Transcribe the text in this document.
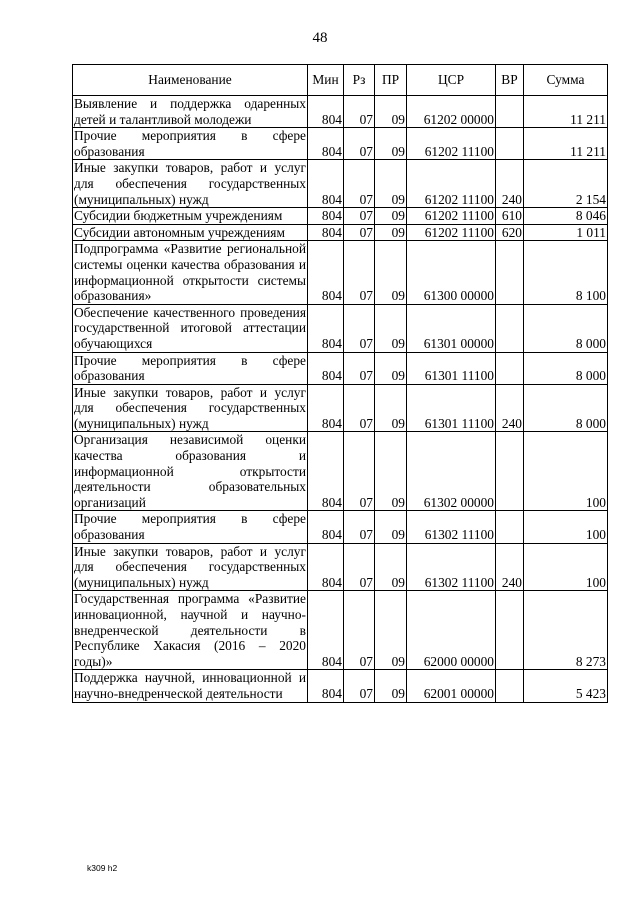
48
Наименование	Мин	Рз	ПР	ЦСР	ВР	Сумма
Выявление и поддержка одаренных детей и талантливой молодежи	804	07	09	61202 00000		11 211
Прочие мероприятия в сфере образования	804	07	09	61202 11100		11 211
Иные закупки товаров, работ и услуг для обеспечения государственных (муниципальных) нужд	804	07	09	61202 11100	240	2 154
Субсидии бюджетным учреждениям	804	07	09	61202 11100	610	8 046
Субсидии автономным учреждениям	804	07	09	61202 11100	620	1 011
Подпрограмма «Развитие региональной системы оценки качества образования и информационной открытости системы образования»	804	07	09	61300 00000		8 100
Обеспечение качественного проведения государственной итоговой аттестации обучающихся	804	07	09	61301 00000		8 000
Прочие мероприятия в сфере образования	804	07	09	61301 11100		8 000
Иные закупки товаров, работ и услуг для обеспечения государственных (муниципальных) нужд	804	07	09	61301 11100	240	8 000
Организация независимой оценки качества образования и информационной открытости деятельности образовательных организаций	804	07	09	61302 00000		100
Прочие мероприятия в сфере образования	804	07	09	61302 11100		100
Иные закупки товаров, работ и услуг для обеспечения государственных (муниципальных) нужд	804	07	09	61302 11100	240	100
Государственная программа «Развитие инновационной, научной и научно-внедренческой деятельности в Республике Хакасия (2016 – 2020 годы)»	804	07	09	62000 00000		8 273
Поддержка научной, инновационной и научно-внедренческой деятельности	804	07	09	62001 00000		5 423
k309 h2
